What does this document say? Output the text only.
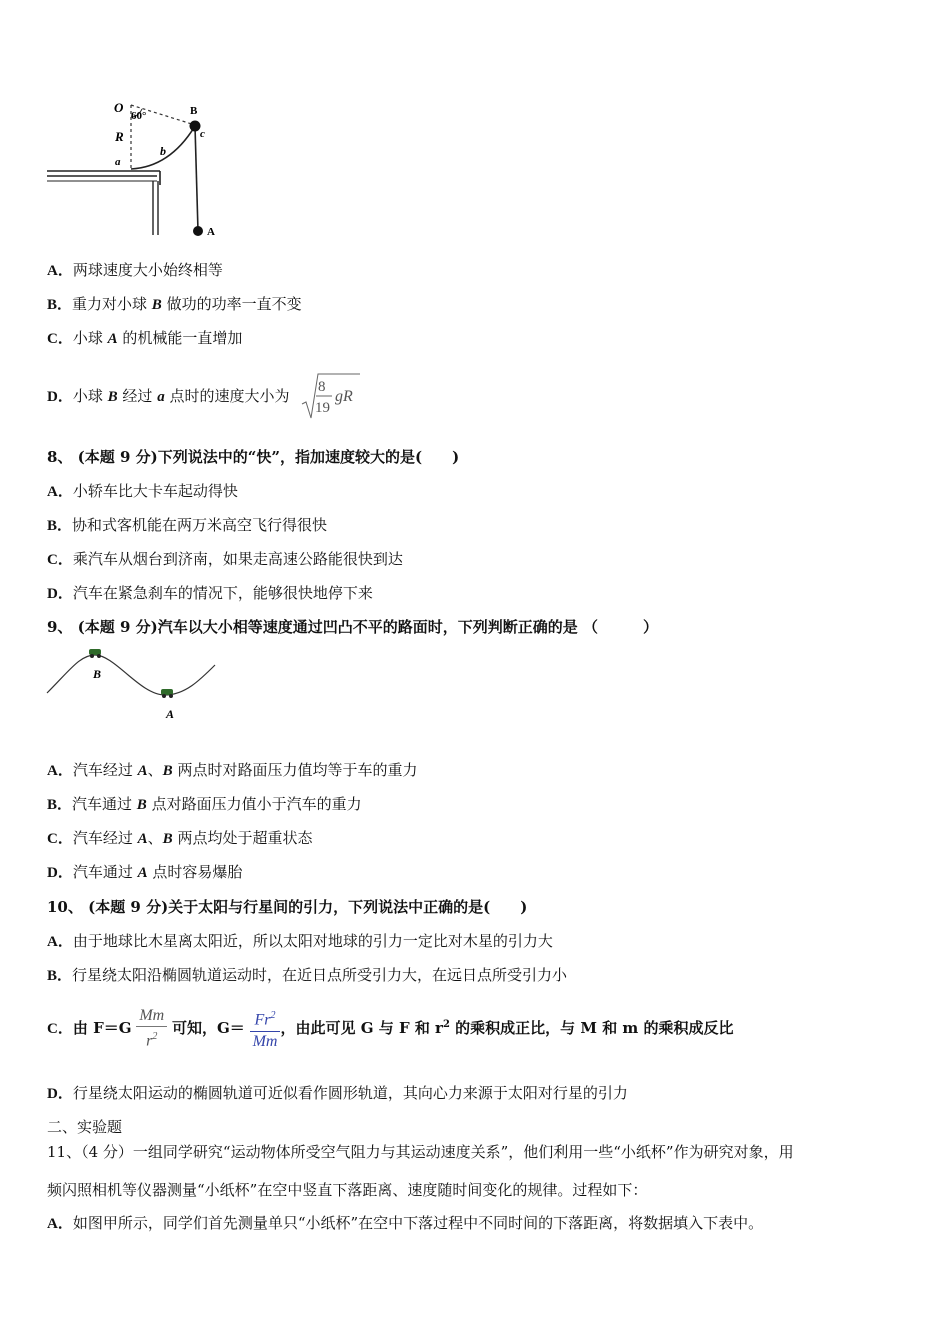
O
60°
R
B
c
b
a
A
A．两球速度大小始终相等
B．重力对小球 B 做功的功率一直不变
C．小球 A 的机械能一直增加
D．小球 B 经过 a 点时的速度大小为 8
19
gR
8、 (本题 9 分)下列说法中的“快”，指加速度较大的是(　　)
A．小轿车比大卡车起动得快
B．协和式客机能在两万米高空飞行得很快
C．乘汽车从烟台到济南，如果走高速公路能很快到达
D．汽车在紧急刹车的情况下，能够很快地停下来
9、 (本题 9 分)汽车以大小相等速度通过凹凸不平的路面时，下列判断正确的是 （　　　）
B
A
A．汽车经过 A、B 两点时对路面压力值均等于车的重力
B．汽车通过 B 点对路面压力值小于汽车的重力
C．汽车经过 A、B 两点均处于超重状态
D．汽车通过 A 点时容易爆胎
10、 (本题 9 分)关于太阳与行星间的引力，下列说法中正确的是(　　)
A．由于地球比木星离太阳近，所以太阳对地球的引力一定比对木星的引力大
B．行星绕太阳沿椭圆轨道运动时，在近日点所受引力大，在远日点所受引力小
C．由 $F=G \frac{Mm}{r^2}$ 可知，$G= \frac{Fr^2}{Mm}$ ，由此可见 G 与 F 和 $r^2$ 的乘积成正比，与 M 和 m 的乘积成反比
D．行星绕太阳运动的椭圆轨道可近似看作圆形轨道，其向心力来源于太阳对行星的引力
二、实验题
11、（4 分）一组同学研究“运动物体所受空气阻力与其运动速度关系”，他们利用一些“小纸杯”作为研究对象，用
频闪照相机等仪器测量“小纸杯”在空中竖直下落距离、速度随时间变化的规律。过程如下：
A．如图甲所示，同学们首先测量单只“小纸杯”在空中下落过程中不同时间的下落距离，将数据填入下表中。
